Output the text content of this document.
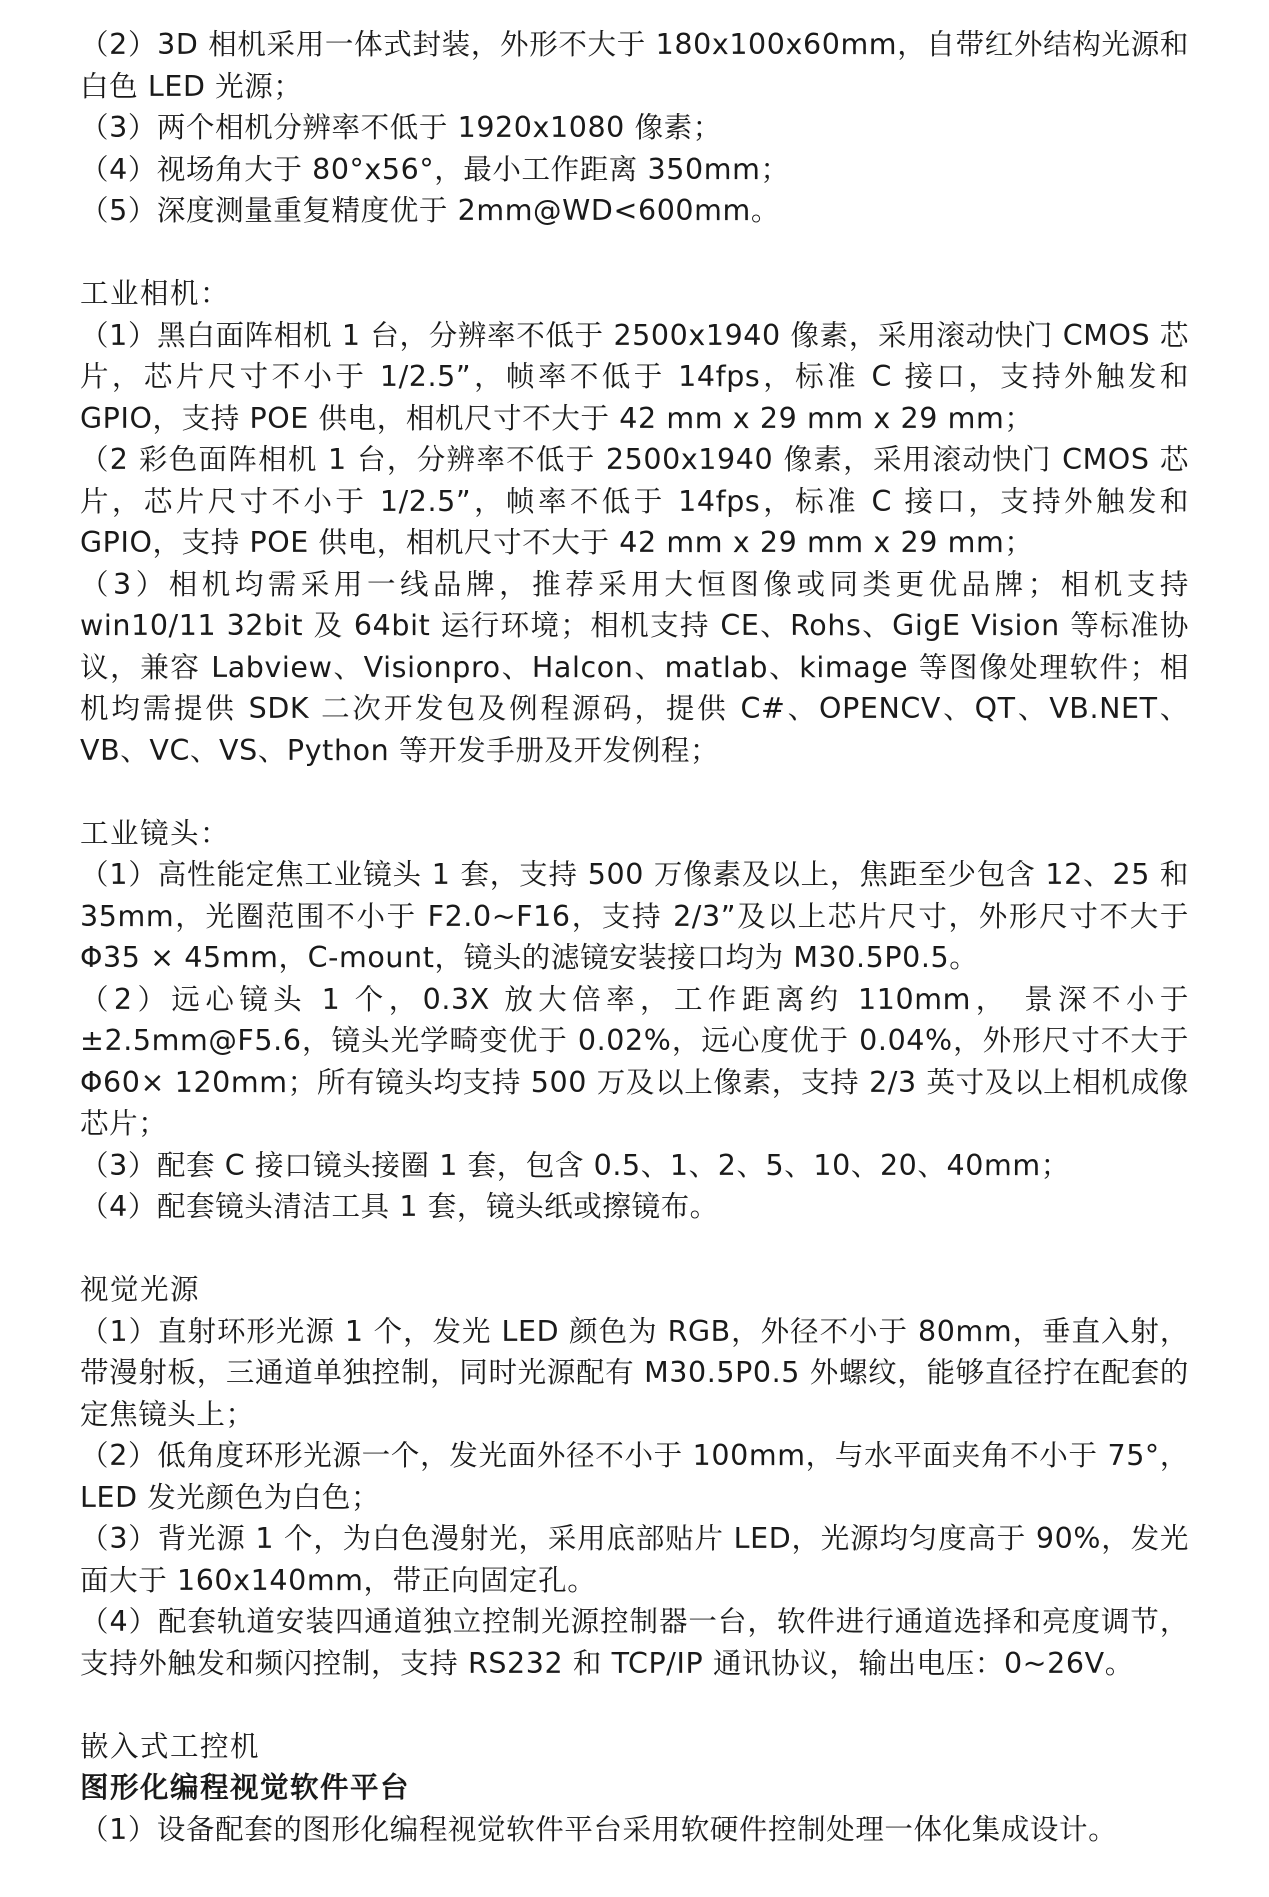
（2）3D 相机采用一体式封装，外形不大于 180x100x60mm，自带红外结构光源和白色 LED 光源；

（3）两个相机分辨率不低于 1920x1080 像素；

（4）视场角大于 80°x56°，最小工作距离 350mm；

（5）深度测量重复精度优于 2mm@WD<600mm。

工业相机：

（1）黑白面阵相机 1 台，分辨率不低于 2500x1940 像素，采用滚动快门 CMOS 芯片，芯片尺寸不小于 1/2.5”，帧率不低于 14fps，标准 C 接口，支持外触发和 GPIO，支持 POE 供电，相机尺寸不大于 42 mm x 29 mm x 29 mm；

（2 彩色面阵相机 1 台，分辨率不低于 2500x1940 像素，采用滚动快门 CMOS 芯片，芯片尺寸不小于 1/2.5”，帧率不低于 14fps，标准 C 接口，支持外触发和 GPIO，支持 POE 供电，相机尺寸不大于 42 mm x 29 mm x 29 mm；

（3）相机均需采用一线品牌，推荐采用大恒图像或同类更优品牌；相机支持 win10/11 32bit 及 64bit 运行环境；相机支持 CE、Rohs、GigE Vision 等标准协议，兼容 Labview、Visionpro、Halcon、matlab、kimage 等图像处理软件；相机均需提供 SDK 二次开发包及例程源码，提供 C#、OPENCV、QT、VB.NET、VB、VC、VS、Python 等开发手册及开发例程；

工业镜头：

（1）高性能定焦工业镜头 1 套，支持 500 万像素及以上，焦距至少包含 12、25 和 35mm，光圈范围不小于 F2.0~F16，支持 2/3”及以上芯片尺寸，外形尺寸不大于Φ35 × 45mm，C-mount，镜头的滤镜安装接口均为 M30.5P0.5。

（2）远心镜头 1 个，0.3X 放大倍率，工作距离约 110mm， 景深不小于±2.5mm@F5.6，镜头光学畸变优于 0.02%，远心度优于 0.04%，外形尺寸不大于Φ60× 120mm；所有镜头均支持 500 万及以上像素，支持 2/3 英寸及以上相机成像芯片；

（3）配套 C 接口镜头接圈 1 套，包含 0.5、1、2、5、10、20、40mm；

（4）配套镜头清洁工具 1 套，镜头纸或擦镜布。

视觉光源

（1）直射环形光源 1 个，发光 LED 颜色为 RGB，外径不小于 80mm，垂直入射，带漫射板，三通道单独控制，同时光源配有 M30.5P0.5 外螺纹，能够直径拧在配套的定焦镜头上；

（2）低角度环形光源一个，发光面外径不小于 100mm，与水平面夹角不小于 75°，LED 发光颜色为白色；

（3）背光源 1 个，为白色漫射光，采用底部贴片 LED，光源均匀度高于 90%，发光面大于 160x140mm，带正向固定孔。

（4）配套轨道安装四通道独立控制光源控制器一台，软件进行通道选择和亮度调节，支持外触发和频闪控制，支持 RS232 和 TCP/IP 通讯协议，输出电压：0~26V。

嵌入式工控机

图形化编程视觉软件平台

（1）设备配套的图形化编程视觉软件平台采用软硬件控制处理一体化集成设计。
